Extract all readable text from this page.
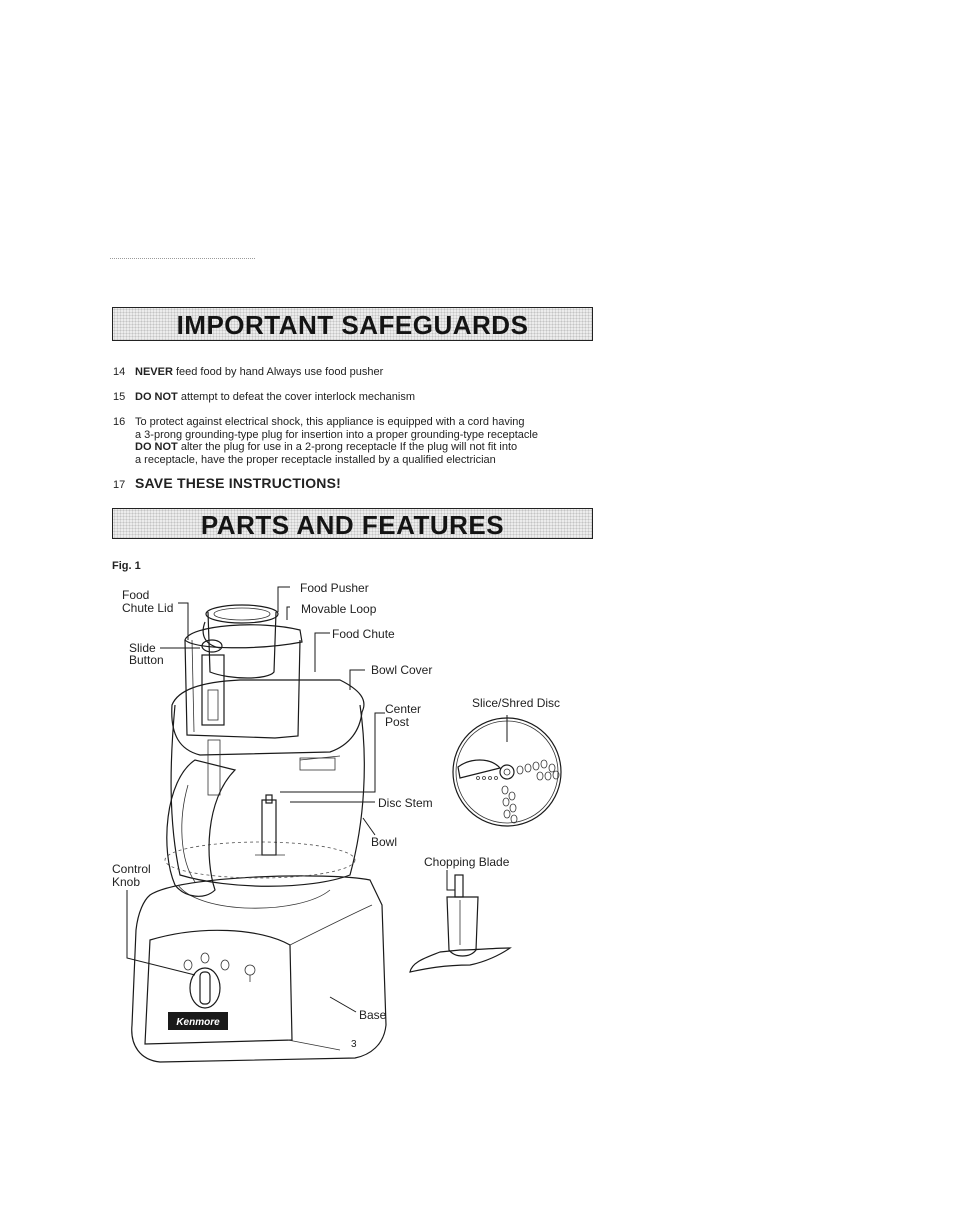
IMPORTANT SAFEGUARDS
14 NEVER feed food by hand Always use food pusher
15 DO NOT attempt to defeat the cover interlock mechanism
16 To protect against electrical shock, this appliance is equipped with a cord having
a 3-prong grounding-type plug for insertion into a proper grounding-type receptacle
DO NOT alter the plug for use in a 2-prong receptacle If the plug will not fit into
a receptacle, have the proper receptacle installed by a qualified electrician
17 SAVE THESE INSTRUCTIONS!
PARTS AND FEATURES
Fig. 1
Kenmore
Food
Chute Lid
Food Pusher
Movable Loop
Food Chute
Slide
Button
Bowl Cover
Center
Post
Disc Stem
Bowl
Control
Knob
Base
Slice/Shred Disc
Chopping Blade
3
